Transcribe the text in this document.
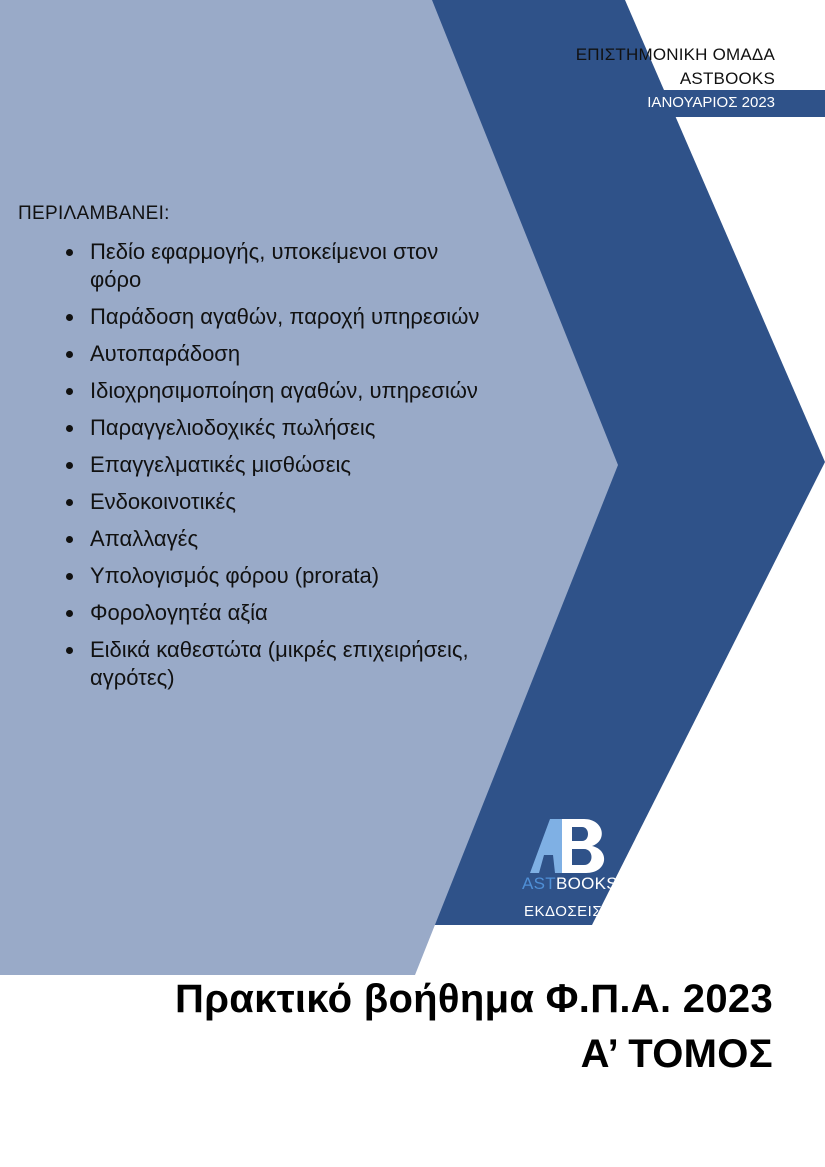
ΕΠΙΣΤΗΜΟΝΙΚΗ ΟΜΑΔΑ
ASTBOOKS
ΙΑΝΟΥΑΡΙΟΣ 2023
ΠΕΡΙΛΑΜΒΑΝΕΙ:
Πεδίο εφαρμογής, υποκείμενοι στον φόρο
Παράδοση αγαθών, παροχή υπηρεσιών
Αυτοπαράδοση
Ιδιοχρησιμοποίηση αγαθών, υπηρεσιών
Παραγγελιοδοχικές πωλήσεις
Επαγγελματικές μισθώσεις
Ενδοκοινοτικές
Απαλλαγές
Υπολογισμός φόρου (prorata)
Φορολογητέα αξία
Ειδικά καθεστώτα (μικρές επιχειρήσεις, αγρότες)
ASTBOOKS
ΕΚΔΟΣΕΙΣ
Πρακτικό βοήθημα Φ.Π.Α. 2023
Α’ ΤΟΜΟΣ
